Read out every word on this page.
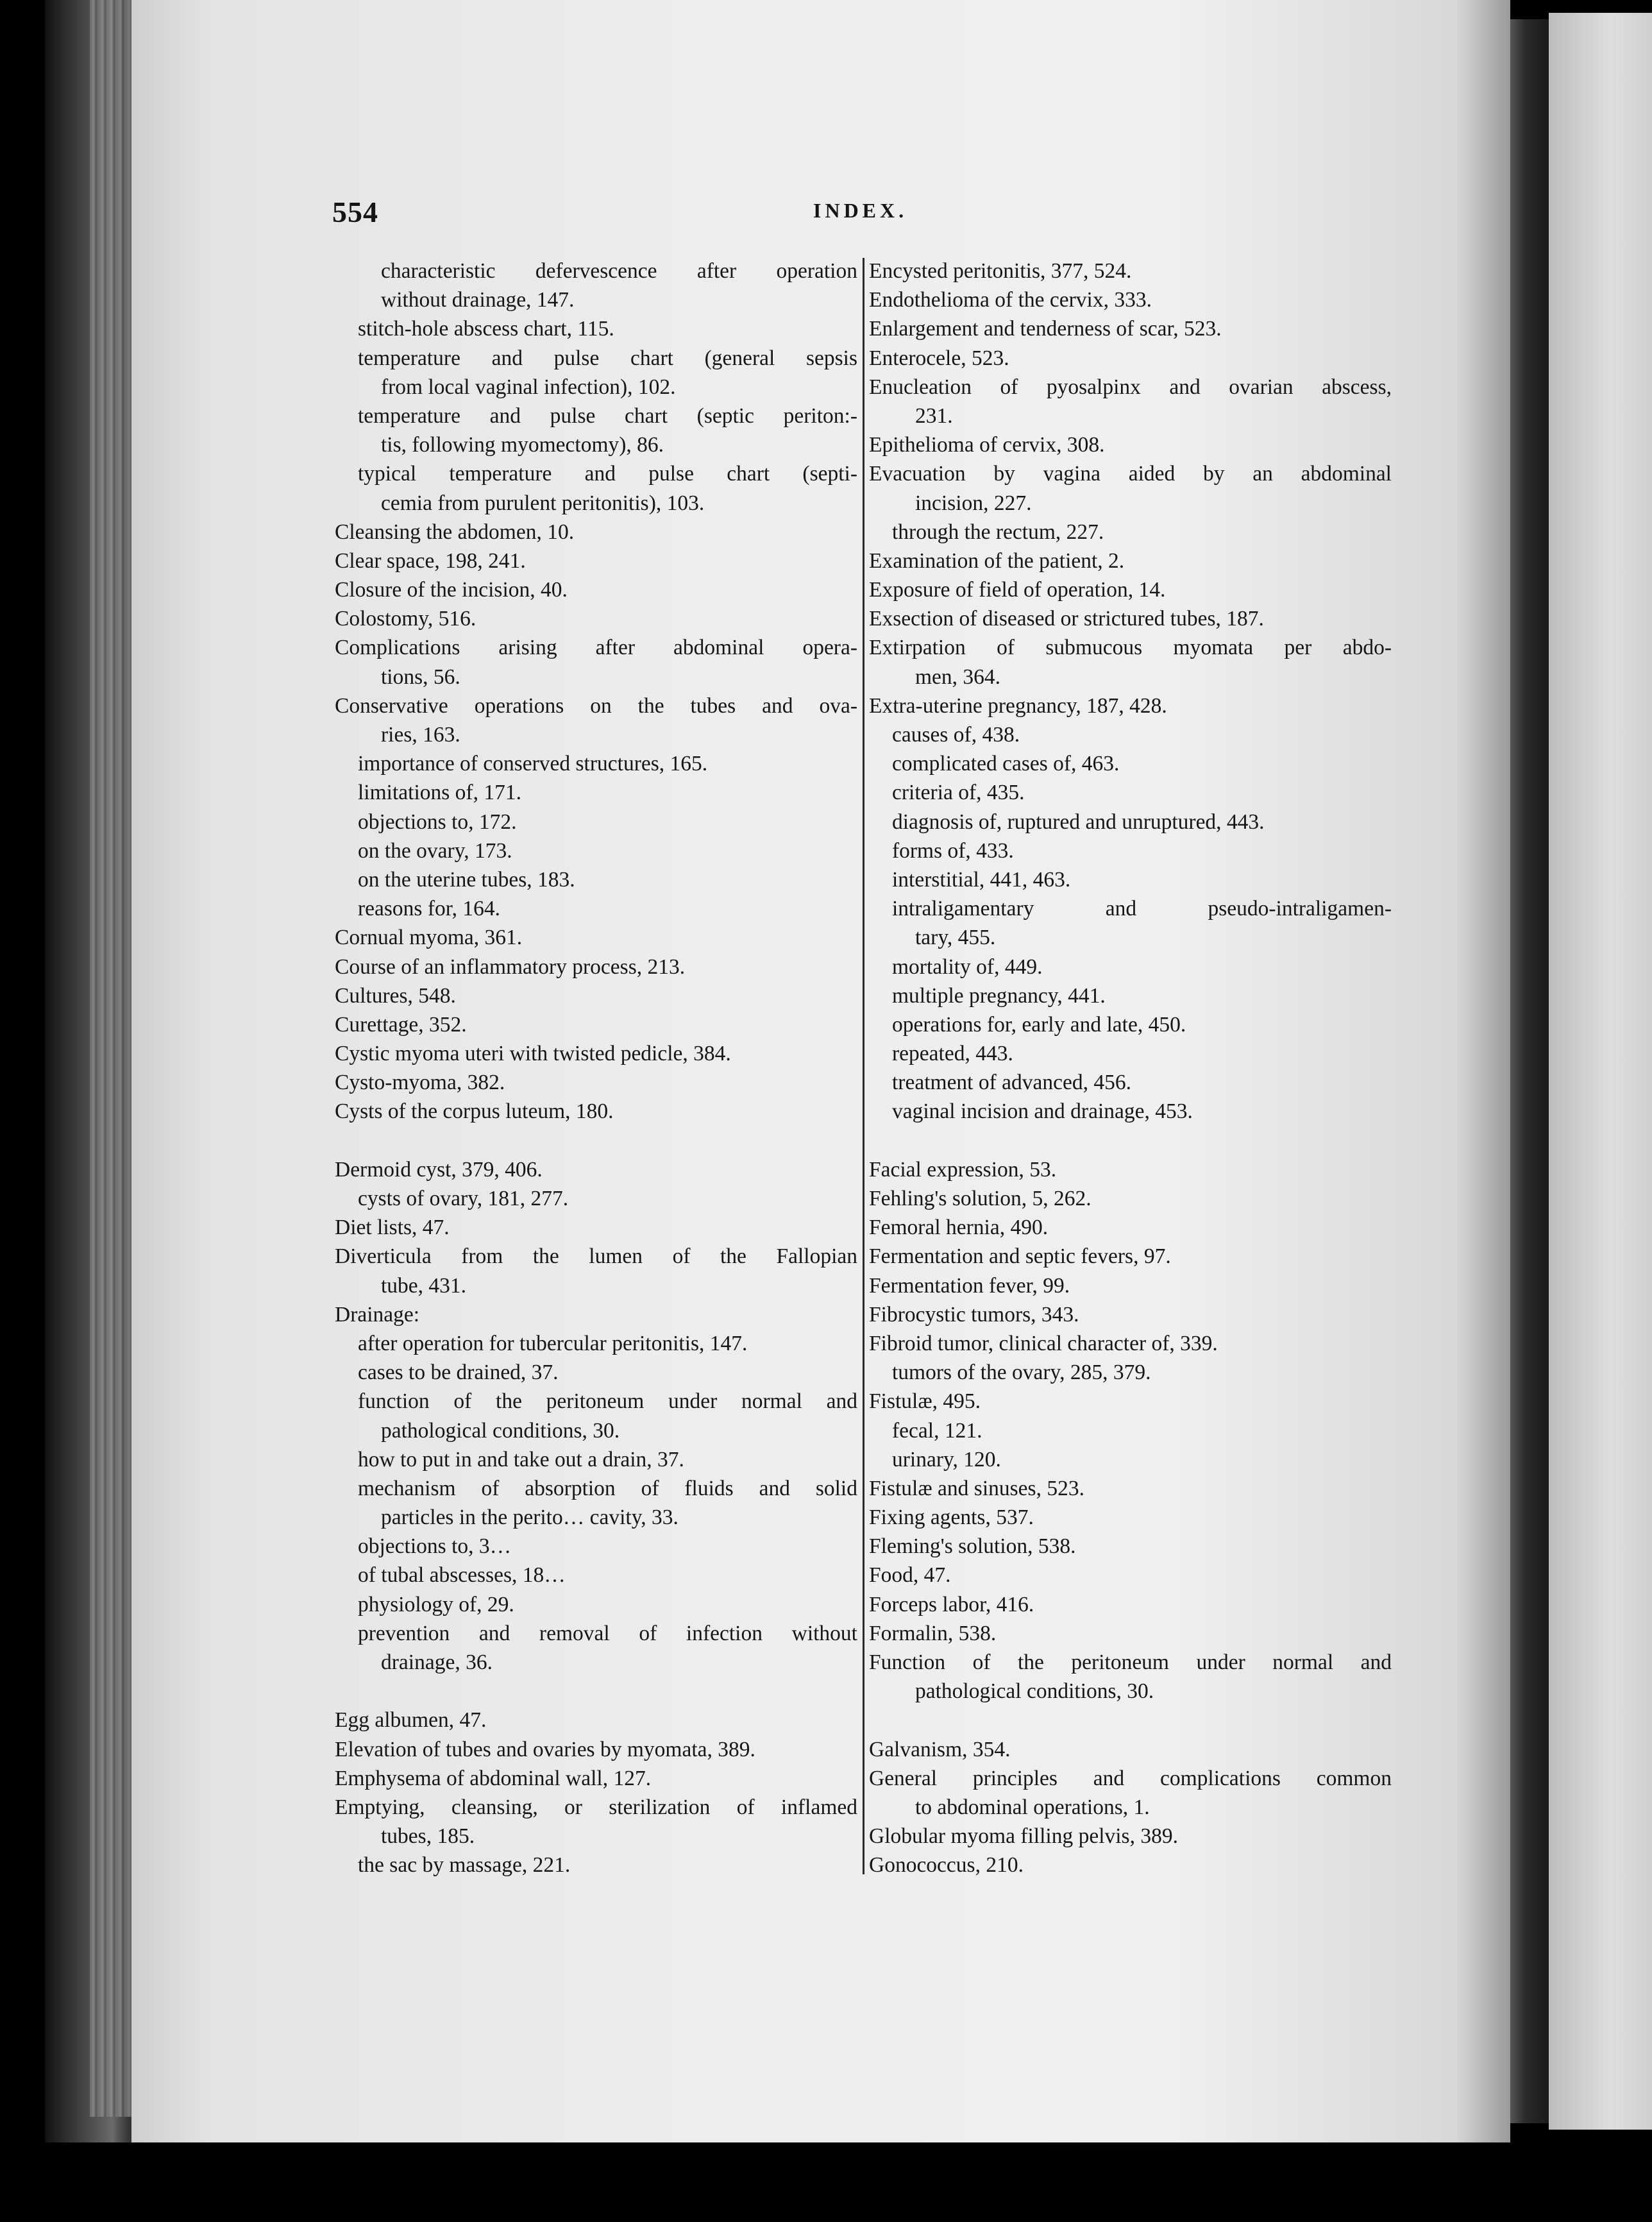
554	INDEX.
characteristic defervescence after operation
without drainage, 147.
stitch-hole abscess chart, 115.
temperature and pulse chart (general sepsis
from local vaginal infection), 102.
temperature and pulse chart (septic periton:-
tis, following myomectomy), 86.
typical temperature and pulse chart (septi-
cemia from purulent peritonitis), 103.
Cleansing the abdomen, 10.
Clear space, 198, 241.
Closure of the incision, 40.
Colostomy, 516.
Complications arising after abdominal opera-
tions, 56.
Conservative operations on the tubes and ova-
ries, 163.
importance of conserved structures, 165.
limitations of, 171.
objections to, 172.
on the ovary, 173.
on the uterine tubes, 183.
reasons for, 164.
Cornual myoma, 361.
Course of an inflammatory process, 213.
Cultures, 548.
Curettage, 352.
Cystic myoma uteri with twisted pedicle, 384.
Cysto-myoma, 382.
Cysts of the corpus luteum, 180.
Dermoid cyst, 379, 406.
cysts of ovary, 181, 277.
Diet lists, 47.
Diverticula from the lumen of the Fallopian
tube, 431.
Drainage:
after operation for tubercular peritonitis, 147.
cases to be drained, 37.
function of the peritoneum under normal and
pathological conditions, 30.
how to put in and take out a drain, 37.
mechanism of absorption of fluids and solid
particles in the perito… cavity, 33.
objections to, 3…
of tubal abscesses, 18…
physiology of, 29.
prevention and removal of infection without
drainage, 36.
Egg albumen, 47.
Elevation of tubes and ovaries by myomata, 389.
Emphysema of abdominal wall, 127.
Emptying, cleansing, or sterilization of inflamed
tubes, 185.
the sac by massage, 221.
Encysted peritonitis, 377, 524.
Endothelioma of the cervix, 333.
Enlargement and tenderness of scar, 523.
Enterocele, 523.
Enucleation of pyosalpinx and ovarian abscess,
231.
Epithelioma of cervix, 308.
Evacuation by vagina aided by an abdominal
incision, 227.
through the rectum, 227.
Examination of the patient, 2.
Exposure of field of operation, 14.
Exsection of diseased or strictured tubes, 187.
Extirpation of submucous myomata per abdo-
men, 364.
Extra-uterine pregnancy, 187, 428.
causes of, 438.
complicated cases of, 463.
criteria of, 435.
diagnosis of, ruptured and unruptured, 443.
forms of, 433.
interstitial, 441, 463.
intraligamentary and pseudo-intraligamen-
tary, 455.
mortality of, 449.
multiple pregnancy, 441.
operations for, early and late, 450.
repeated, 443.
treatment of advanced, 456.
vaginal incision and drainage, 453.
Facial expression, 53.
Fehling's solution, 5, 262.
Femoral hernia, 490.
Fermentation and septic fevers, 97.
Fermentation fever, 99.
Fibrocystic tumors, 343.
Fibroid tumor, clinical character of, 339.
tumors of the ovary, 285, 379.
Fistulæ, 495.
fecal, 121.
urinary, 120.
Fistulæ and sinuses, 523.
Fixing agents, 537.
Fleming's solution, 538.
Food, 47.
Forceps labor, 416.
Formalin, 538.
Function of the peritoneum under normal and
pathological conditions, 30.
Galvanism, 354.
General principles and complications common
to abdominal operations, 1.
Globular myoma filling pelvis, 389.
Gonococcus, 210.
